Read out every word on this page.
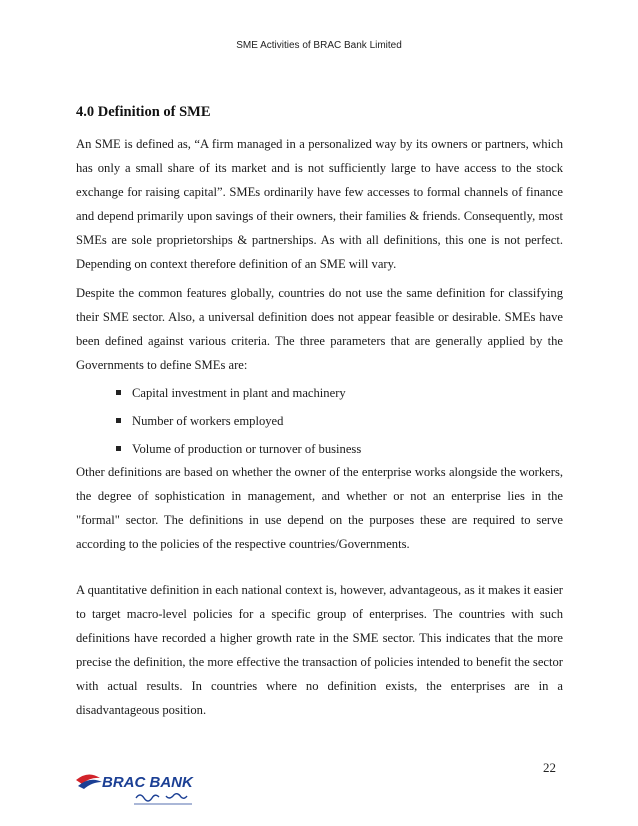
SME Activities of BRAC Bank Limited
4.0 Definition of SME

An SME is defined as, “A firm managed in a personalized way by its owners or partners, which has only a small share of its market and is not sufficiently large to have access to the stock exchange for raising capital”. SMEs ordinarily have few accesses to formal channels of finance and depend primarily upon savings of their owners, their families & friends. Consequently, most SMEs are sole proprietorships & partnerships. As with all definitions, this one is not perfect. Depending on context therefore definition of an SME will vary.

Despite the common features globally, countries do not use the same definition for classifying their SME sector. Also, a universal definition does not appear feasible or desirable. SMEs have been defined against various criteria. The three parameters that are generally applied by the Governments to define SMEs are:

Capital investment in plant and machinery
Number of workers employed
Volume of production or turnover of business

Other definitions are based on whether the owner of the enterprise works alongside the workers, the degree of sophistication in management, and whether or not an enterprise lies in the "formal" sector. The definitions in use depend on the purposes these are required to serve according to the policies of the respective countries/Governments.

A quantitative definition in each national context is, however, advantageous, as it makes it easier to target macro-level policies for a specific group of enterprises. The countries with such definitions have recorded a higher growth rate in the SME sector. This indicates that the more precise the definition, the more effective the transaction of policies intended to benefit the sector with actual results. In countries where no definition exists, the enterprises are in a disadvantageous position.

22
BRAC BANK
